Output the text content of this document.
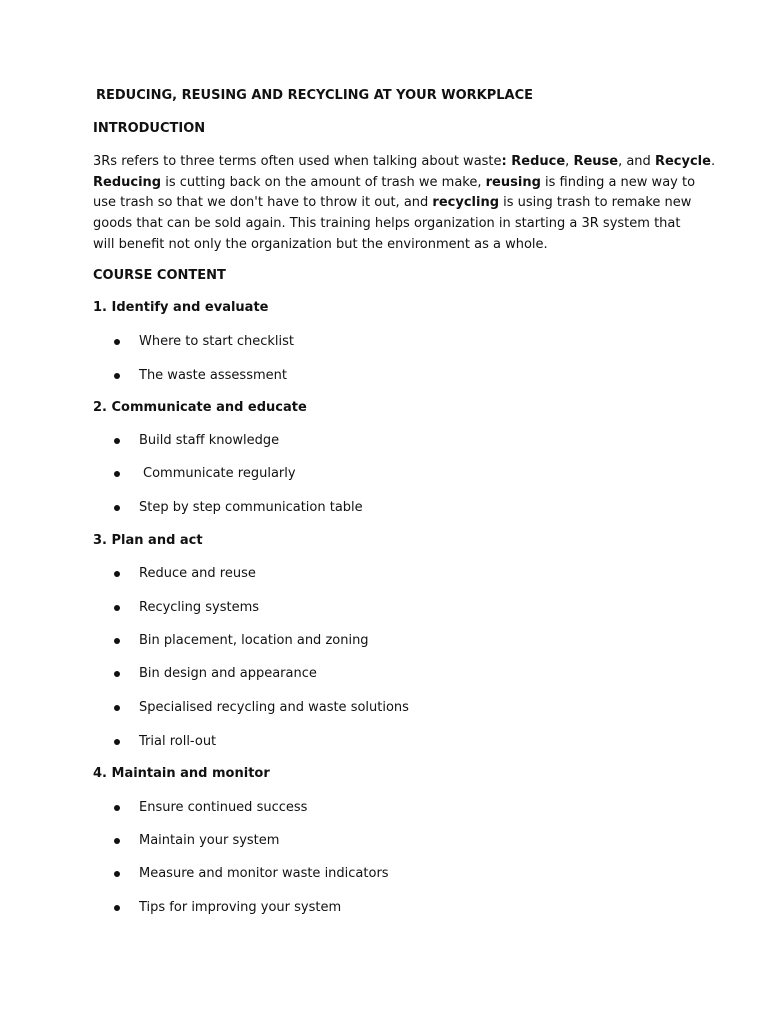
REDUCING, REUSING AND RECYCLING AT YOUR WORKPLACE
INTRODUCTION
3Rs refers to three terms often used when talking about waste: Reduce, Reuse, and Recycle.
Reducing is cutting back on the amount of trash we make, reusing is finding a new way to
use trash so that we don't have to throw it out, and recycling is using trash to remake new
goods that can be sold again. This training helps organization in starting a 3R system that
will benefit not only the organization but the environment as a whole.
COURSE CONTENT
1. Identify and evaluate
Where to start checklist
The waste assessment
2. Communicate and educate
Build staff knowledge
Communicate regularly
Step by step communication table
3. Plan and act
Reduce and reuse
Recycling systems
Bin placement, location and zoning
Bin design and appearance
Specialised recycling and waste solutions
Trial roll-out
4. Maintain and monitor
Ensure continued success
Maintain your system
Measure and monitor waste indicators
Tips for improving your system
